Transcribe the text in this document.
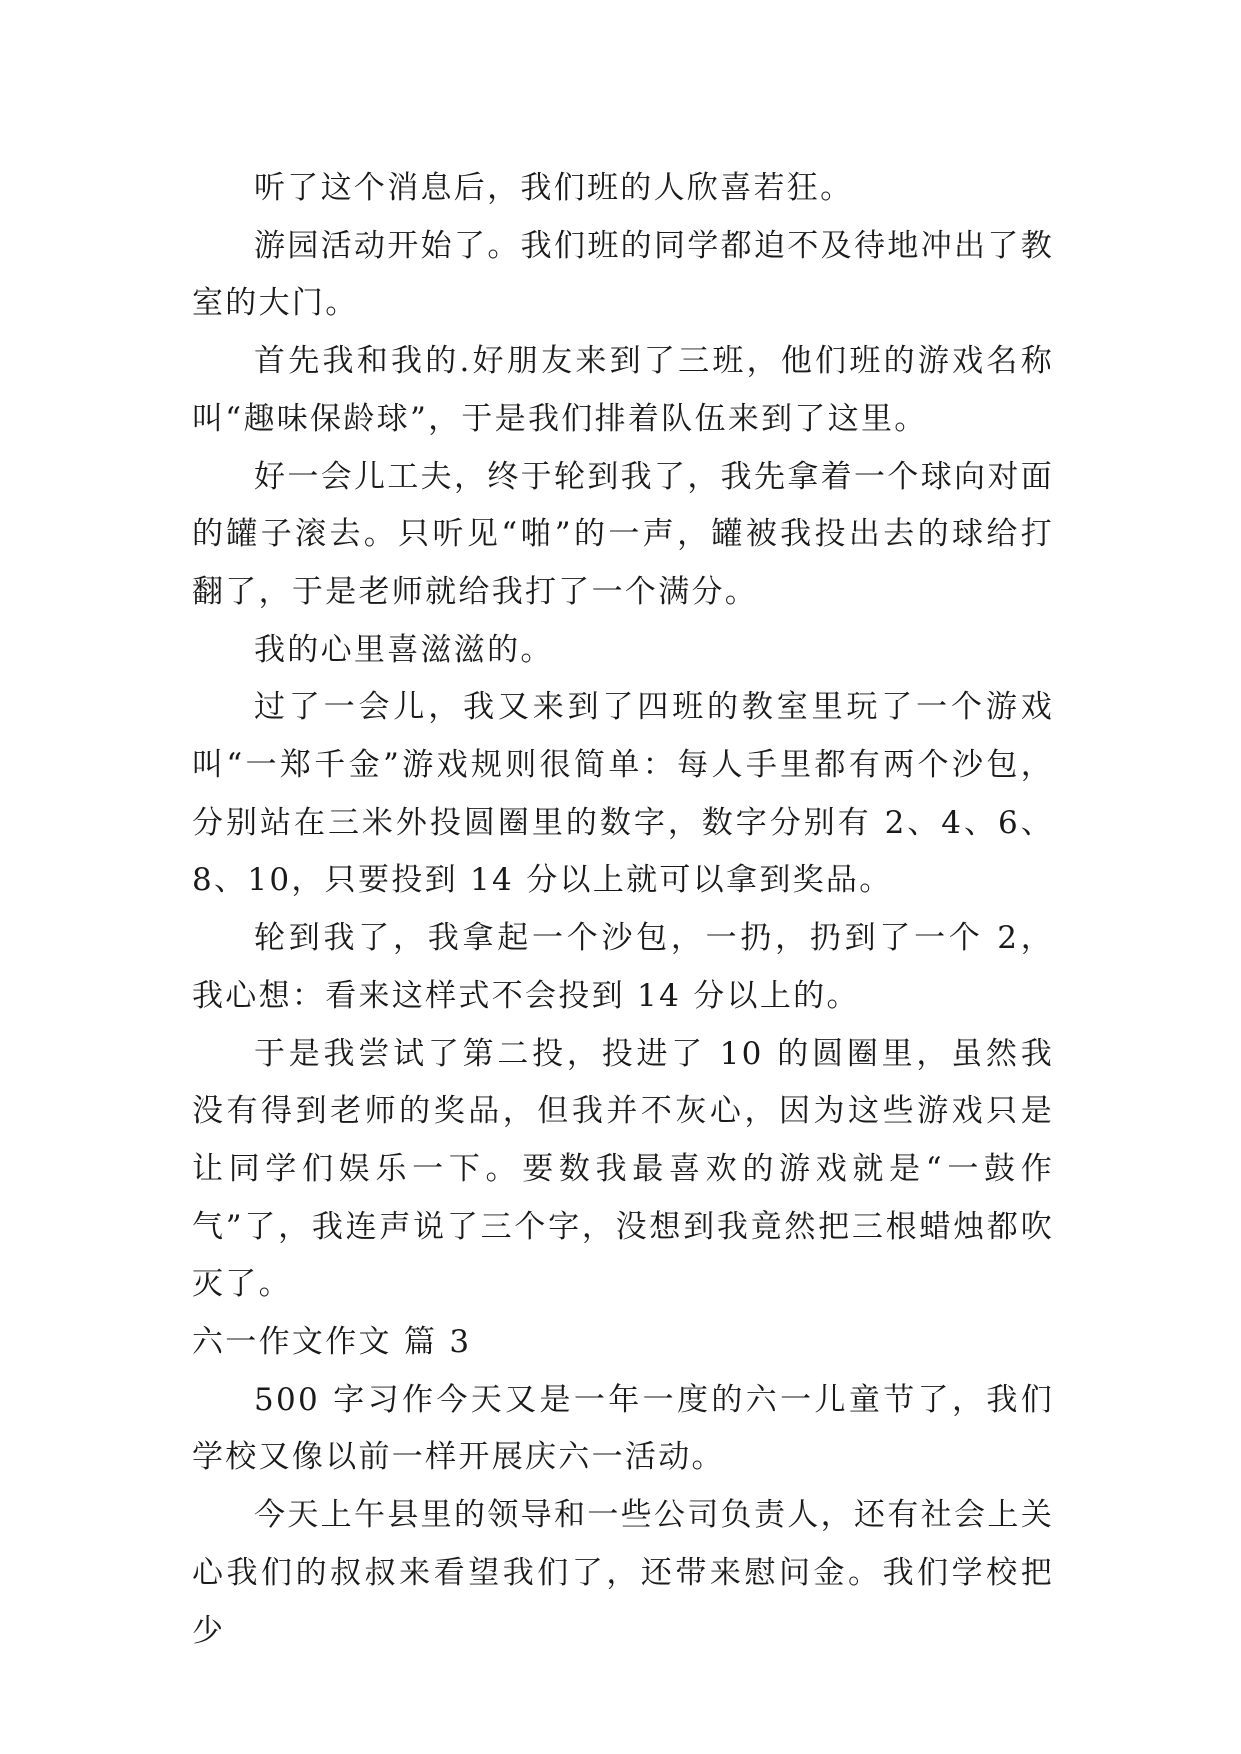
听了这个消息后，我们班的人欣喜若狂。

游园活动开始了。我们班的同学都迫不及待地冲出了教室的大门。

首先我和我的.好朋友来到了三班，他们班的游戏名称叫“趣味保龄球”，于是我们排着队伍来到了这里。

好一会儿工夫，终于轮到我了，我先拿着一个球向对面的罐子滚去。只听见“啪”的一声，罐被我投出去的球给打翻了，于是老师就给我打了一个满分。

我的心里喜滋滋的。

过了一会儿，我又来到了四班的教室里玩了一个游戏叫“一郑千金”游戏规则很简单：每人手里都有两个沙包，分别站在三米外投圆圈里的数字，数字分别有 2、4、6、8、10，只要投到 14 分以上就可以拿到奖品。

轮到我了，我拿起一个沙包，一扔，扔到了一个 2，我心想：看来这样式不会投到 14 分以上的。

于是我尝试了第二投，投进了 10 的圆圈里，虽然我没有得到老师的奖品，但我并不灰心，因为这些游戏只是让同学们娱乐一下。要数我最喜欢的游戏就是“一鼓作气”了，我连声说了三个字，没想到我竟然把三根蜡烛都吹灭了。

六一作文作文 篇 3

500 字习作今天又是一年一度的六一儿童节了，我们学校又像以前一样开展庆六一活动。

今天上午县里的领导和一些公司负责人，还有社会上关心我们的叔叔来看望我们了，还带来慰问金。我们学校把少
